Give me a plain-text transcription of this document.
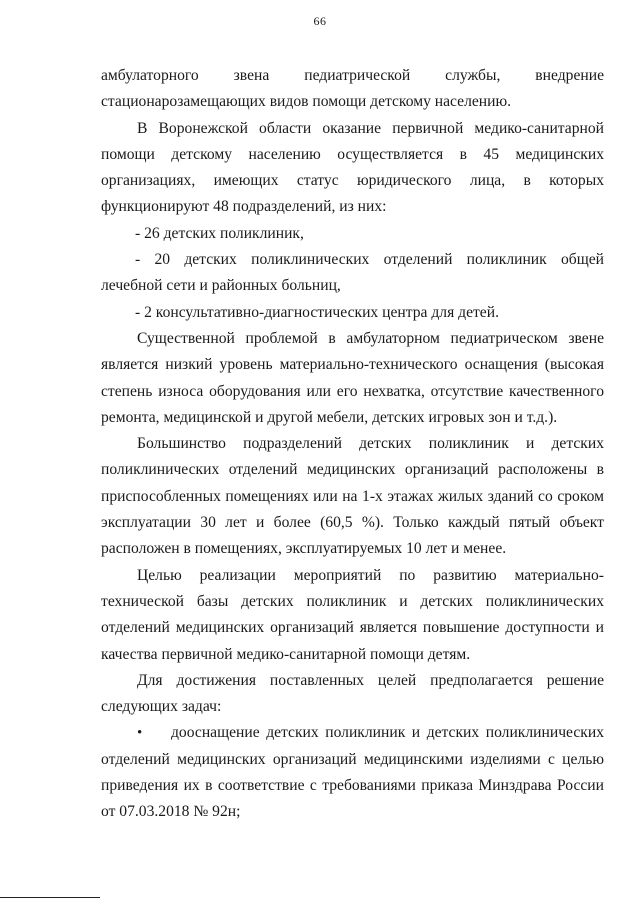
66

амбулаторного звена педиатрической службы, внедрение стационарозамещающих видов помощи детскому населению.

В Воронежской области оказание первичной медико-санитарной помощи детскому населению осуществляется в 45 медицинских организациях, имеющих статус юридического лица, в которых функционируют 48 подразделений, из них:

- 26 детских поликлиник,

- 20 детских поликлинических отделений поликлиник общей лечебной сети и районных больниц,

- 2 консультативно-диагностических центра для детей.

Существенной проблемой в амбулаторном педиатрическом звене является низкий уровень материально-технического оснащения (высокая степень износа оборудования или его нехватка, отсутствие качественного ремонта, медицинской и другой мебели, детских игровых зон и т.д.).

Большинство подразделений детских поликлиник и детских поликлинических отделений медицинских организаций расположены в приспособленных помещениях или на 1-х этажах жилых зданий со сроком эксплуатации 30 лет и более (60,5 %). Только каждый пятый объект расположен в помещениях, эксплуатируемых 10 лет и менее.

Целью реализации мероприятий по развитию материально-технической базы детских поликлиник и детских поликлинических отделений медицинских организаций является повышение доступности и качества первичной медико-санитарной помощи детям.

Для достижения поставленных целей предполагается решение следующих задач:

• дооснащение детских поликлиник и детских поликлинических отделений медицинских организаций медицинскими изделиями с целью приведения их в соответствие с требованиями приказа Минздрава России от 07.03.2018 № 92н;
